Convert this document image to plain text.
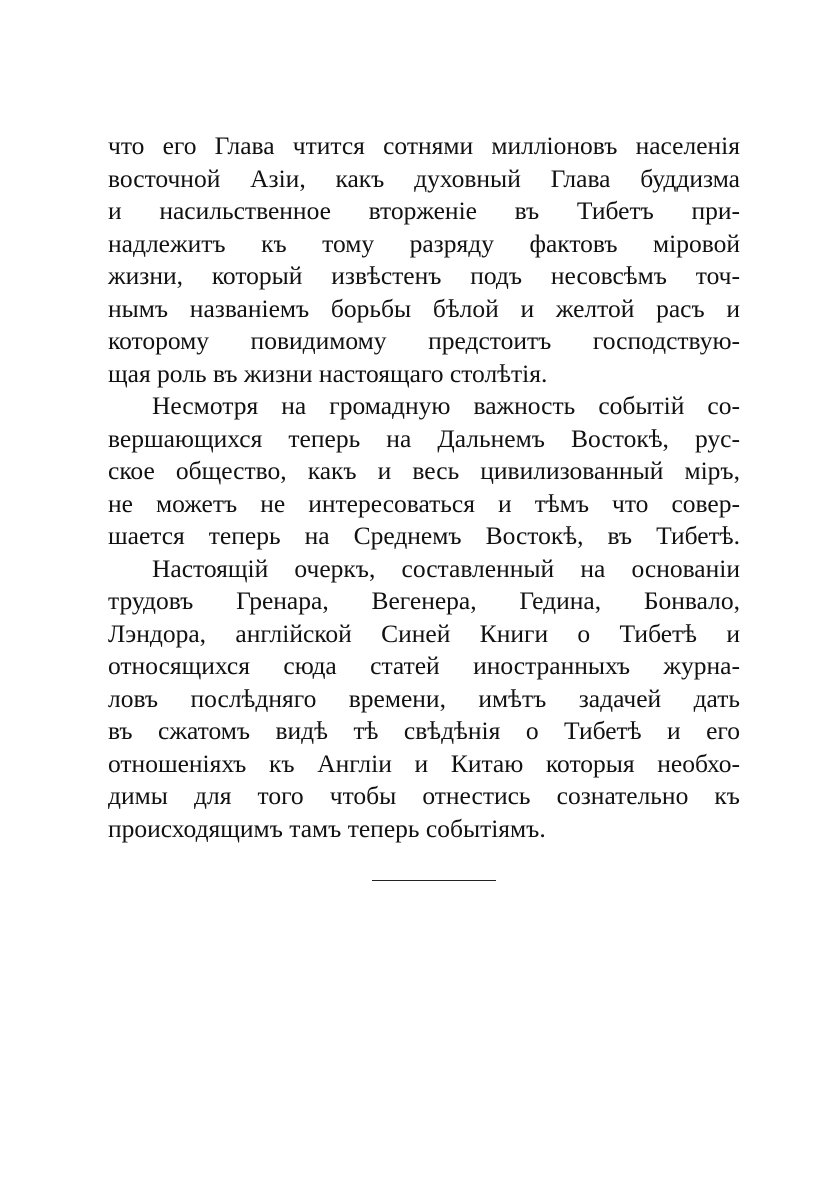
что его Глава чтится сотнями милліоновъ населенія
восточной Азіи, какъ духовный Глава буддизма
и насильственное вторженіе въ Тибетъ при-
надлежитъ къ тому разряду фактовъ міровой
жизни, который извѣстенъ подъ несовсѣмъ точ-
нымъ названіемъ борьбы бѣлой и желтой расъ и
которому повидимому предстоитъ господствую-
щая роль въ жизни настоящаго столѣтія.
Несмотря на громадную важность событій со-
вершающихся теперь на Дальнемъ Востокѣ, рус-
ское общество, какъ и весь цивилизованный міръ,
не можетъ не интересоваться и тѣмъ что совер-
шается теперь на Среднемъ Востокѣ, въ Тибетѣ.
Настоящій очеркъ, составленный на основаніи
трудовъ Гренара, Вегенера, Гедина, Бонвало,
Лэндора, англійской Синей Книги о Тибетѣ и
относящихся сюда статей иностранныхъ журна-
ловъ послѣдняго времени, имѣтъ задачей дать
въ сжатомъ видѣ тѣ свѣдѣнія о Тибетѣ и его
отношеніяхъ къ Англіи и Китаю которыя необхо-
димы для того чтобы отнестись сознательно къ
происходящимъ тамъ теперь событіямъ.
